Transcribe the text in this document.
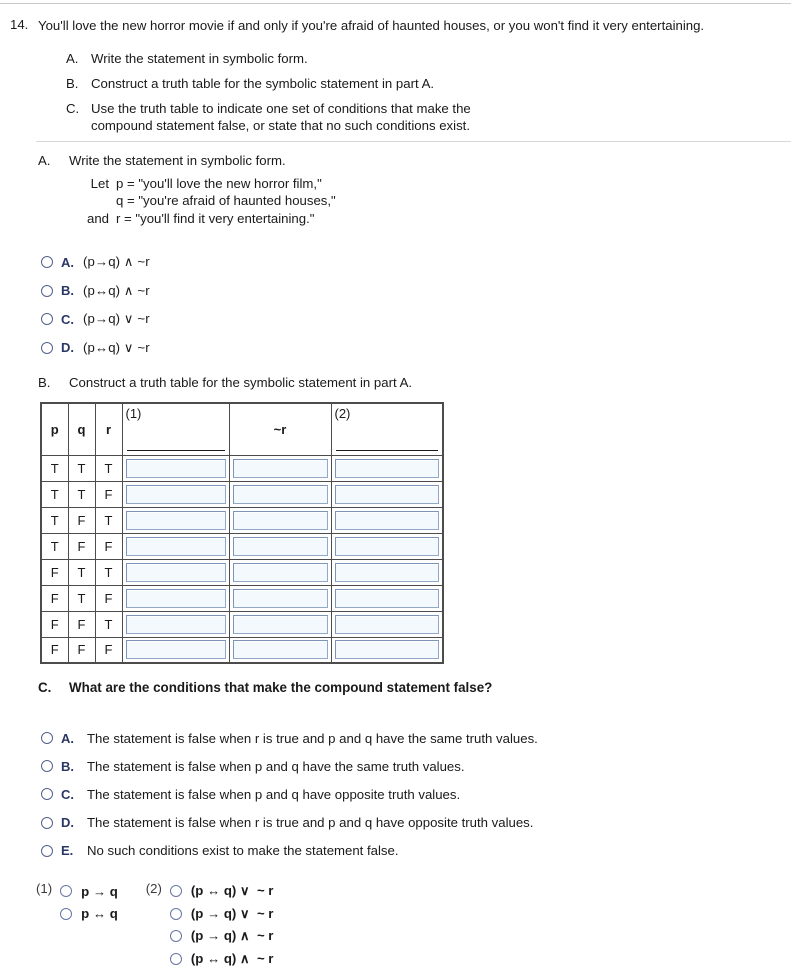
14. You'll love the new horror movie if and only if you're afraid of haunted houses, or you won't find it very entertaining.
A. Write the statement in symbolic form.
B. Construct a truth table for the symbolic statement in part A.
C. Use the truth table to indicate one set of conditions that make the
compound statement false, or state that no such conditions exist.
A.	Write the statement in symbolic form.
Let p = "you'll love the new horror film,"
q = "you're afraid of haunted houses,"
and r = "you'll find it very entertaining."
A. (p→q) ∧ ~r
B. (p↔q) ∧ ~r
C. (p→q) ∨ ~r
D. (p↔q) ∨ ~r
B.	Construct a truth table for the symbolic statement in part A.
p	q	r	(1)	~r	(2)

T	T	T	

T	T	F	

T	F	T	

T	F	F	

F	T	T	

F	T	F	

F	F	T	

F	F	F	

C.	What are the conditions that make the compound statement false?
A. The statement is false when r is true and p and q have the same truth values.
B. The statement is false when p and q have the same truth values.
C. The statement is false when p and q have opposite truth values.
D. The statement is false when r is true and p and q have opposite truth values.
E.	No such conditions exist to make the statement false.
(1) p → q
p ↔ q
(2) (p ↔ q) ∨  ~ r
(p → q) ∨  ~ r
(p → q) ∧  ~ r
(p ↔ q) ∧  ~ r
